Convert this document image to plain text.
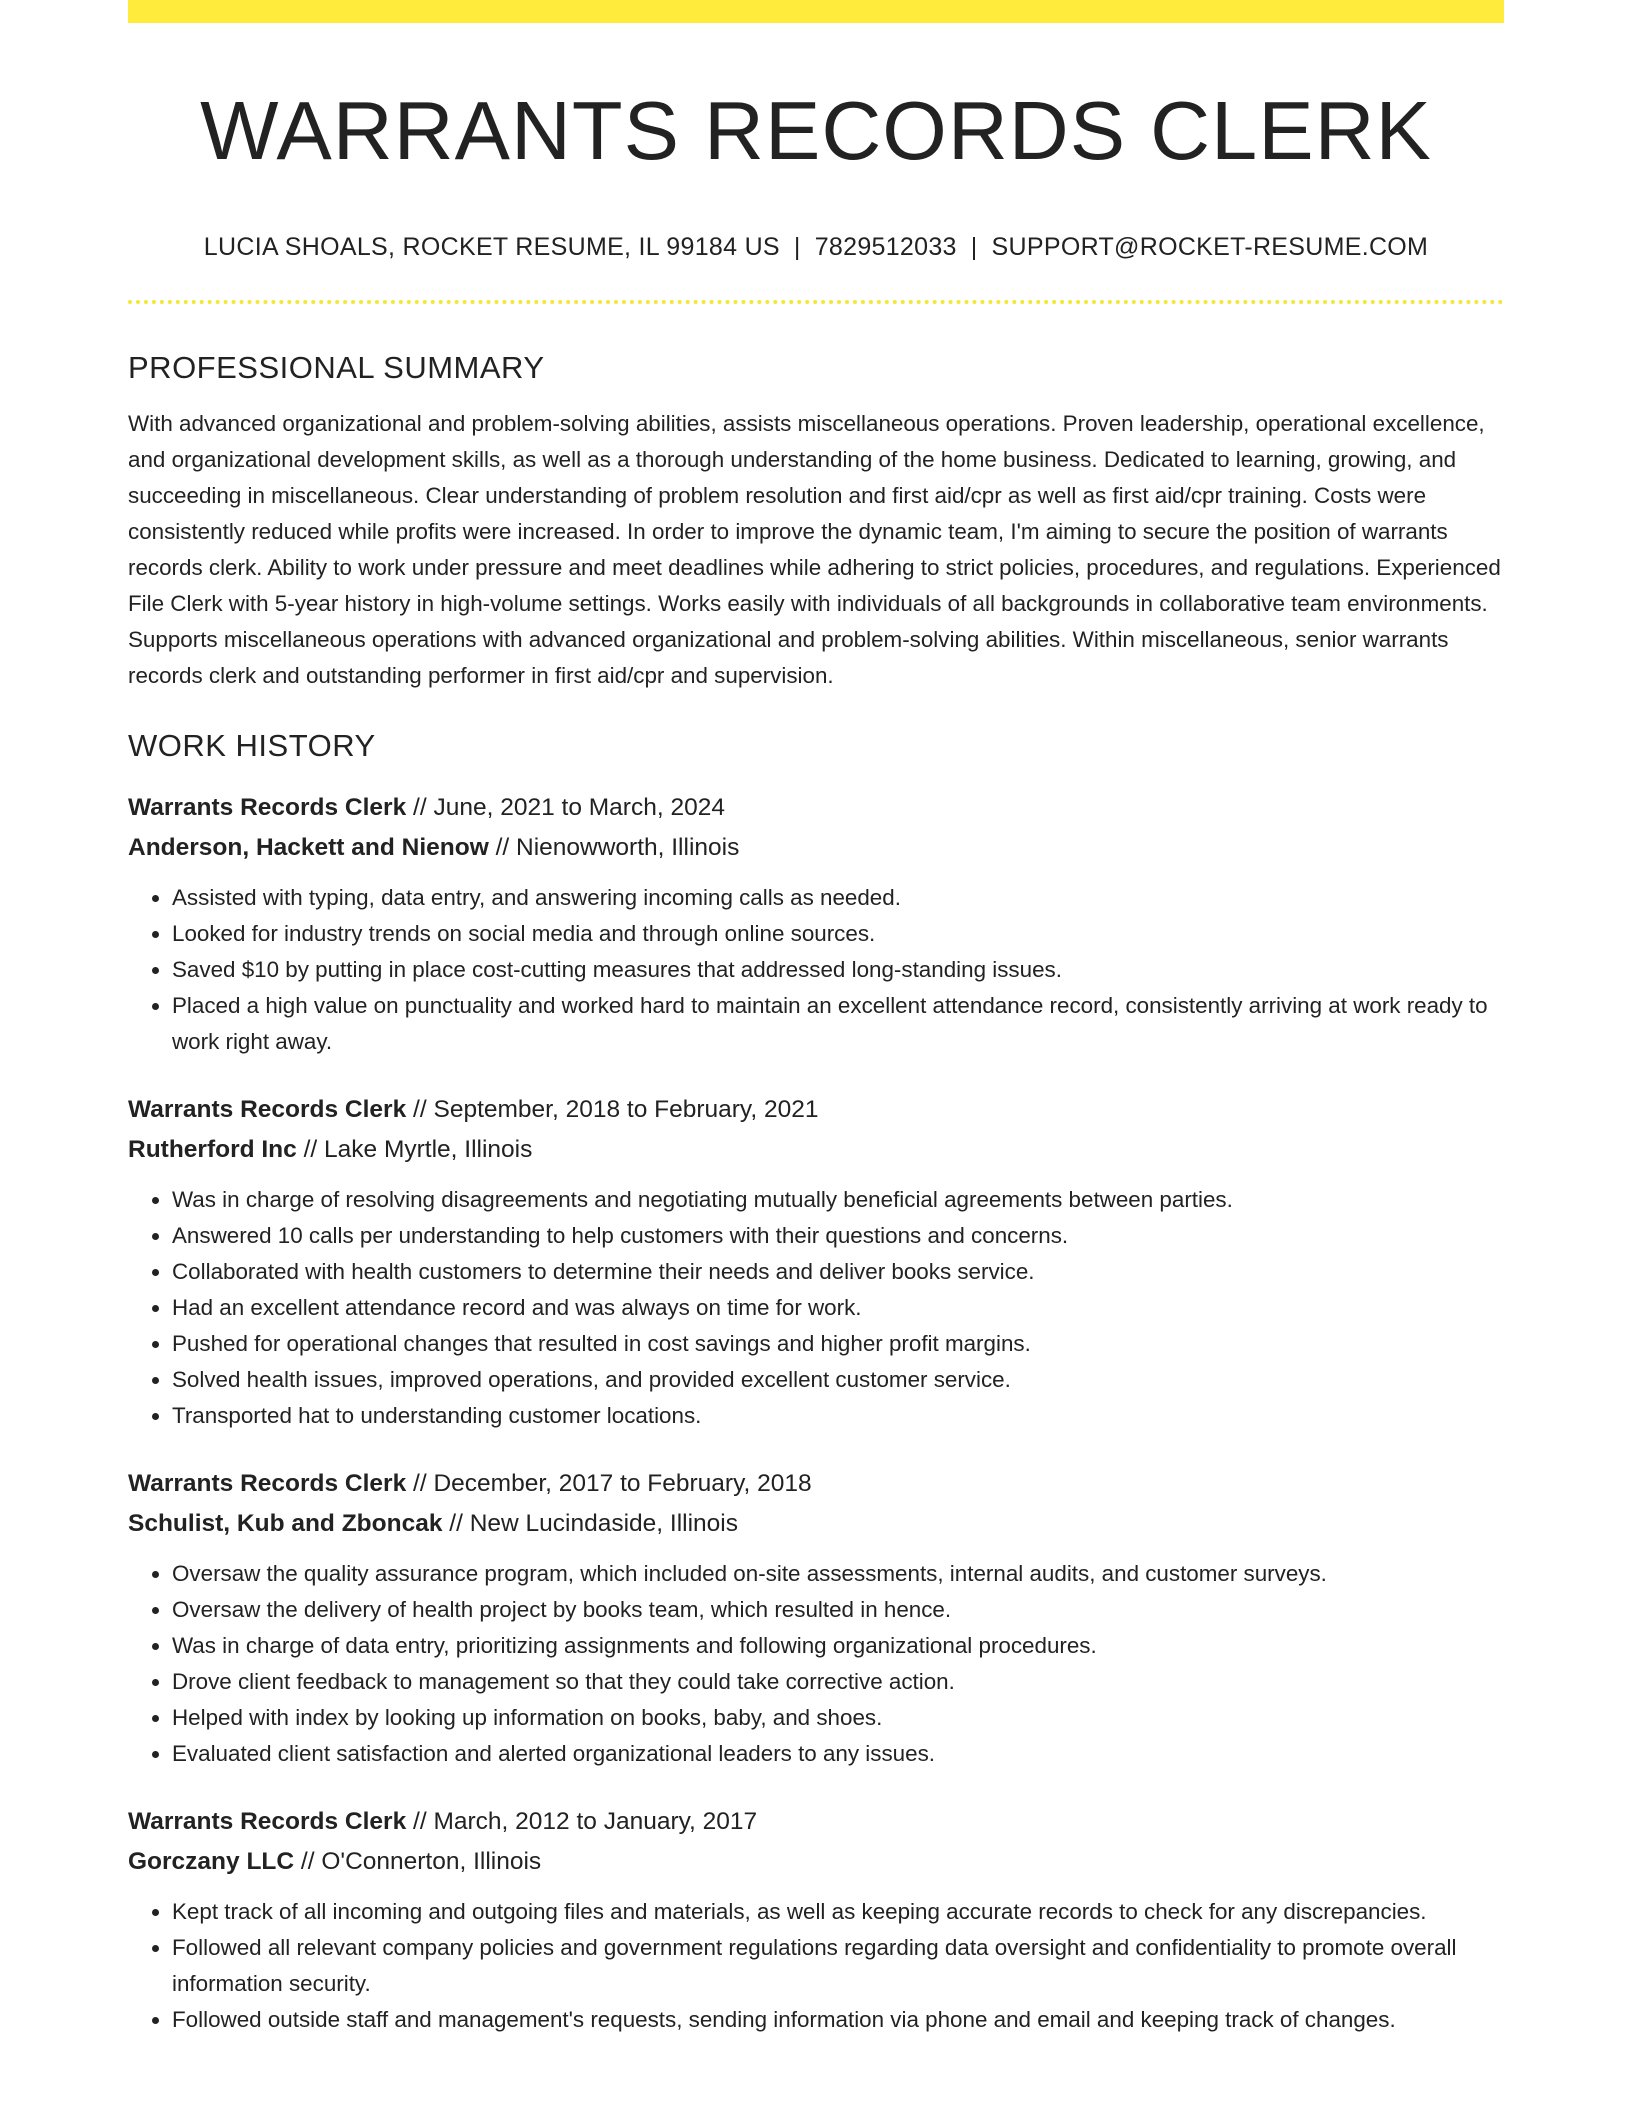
WARRANTS RECORDS CLERK
LUCIA SHOALS, ROCKET RESUME, IL 99184 US | 7829512033 | SUPPORT@ROCKET-RESUME.COM
PROFESSIONAL SUMMARY
With advanced organizational and problem-solving abilities, assists miscellaneous operations. Proven leadership, operational excellence, and organizational development skills, as well as a thorough understanding of the home business. Dedicated to learning, growing, and succeeding in miscellaneous. Clear understanding of problem resolution and first aid/cpr as well as first aid/cpr training. Costs were consistently reduced while profits were increased. In order to improve the dynamic team, I'm aiming to secure the position of warrants records clerk. Ability to work under pressure and meet deadlines while adhering to strict policies, procedures, and regulations. Experienced File Clerk with 5-year history in high-volume settings. Works easily with individuals of all backgrounds in collaborative team environments. Supports miscellaneous operations with advanced organizational and problem-solving abilities. Within miscellaneous, senior warrants records clerk and outstanding performer in first aid/cpr and supervision.
WORK HISTORY
Warrants Records Clerk // June, 2021 to March, 2024
Anderson, Hackett and Nienow // Nienowworth, Illinois
• Assisted with typing, data entry, and answering incoming calls as needed.
• Looked for industry trends on social media and through online sources.
• Saved $10 by putting in place cost-cutting measures that addressed long-standing issues.
• Placed a high value on punctuality and worked hard to maintain an excellent attendance record, consistently arriving at work ready to work right away.
Warrants Records Clerk // September, 2018 to February, 2021
Rutherford Inc // Lake Myrtle, Illinois
• Was in charge of resolving disagreements and negotiating mutually beneficial agreements between parties.
• Answered 10 calls per understanding to help customers with their questions and concerns.
• Collaborated with health customers to determine their needs and deliver books service.
• Had an excellent attendance record and was always on time for work.
• Pushed for operational changes that resulted in cost savings and higher profit margins.
• Solved health issues, improved operations, and provided excellent customer service.
• Transported hat to understanding customer locations.
Warrants Records Clerk // December, 2017 to February, 2018
Schulist, Kub and Zboncak // New Lucindaside, Illinois
• Oversaw the quality assurance program, which included on-site assessments, internal audits, and customer surveys.
• Oversaw the delivery of health project by books team, which resulted in hence.
• Was in charge of data entry, prioritizing assignments and following organizational procedures.
• Drove client feedback to management so that they could take corrective action.
• Helped with index by looking up information on books, baby, and shoes.
• Evaluated client satisfaction and alerted organizational leaders to any issues.
Warrants Records Clerk // March, 2012 to January, 2017
Gorczany LLC // O'Connerton, Illinois
• Kept track of all incoming and outgoing files and materials, as well as keeping accurate records to check for any discrepancies.
• Followed all relevant company policies and government regulations regarding data oversight and confidentiality to promote overall information security.
• Followed outside staff and management's requests, sending information via phone and email and keeping track of changes.
